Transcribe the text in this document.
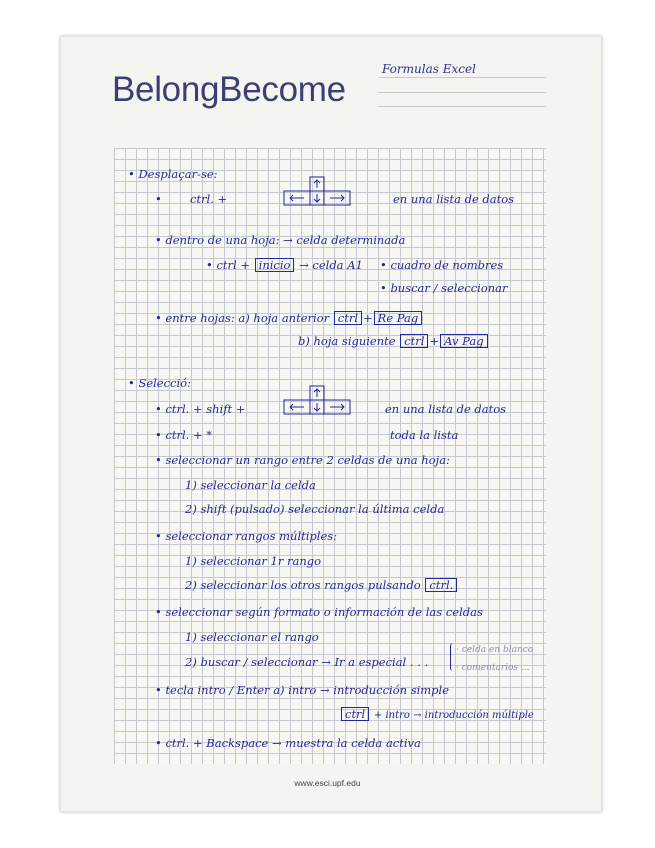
BelongBecome
Formulas Excel
• Desplaçar-se:
• ctrl. +	en una lista de datos
• dentro de una hoja: → celda determinada
• ctrl + inicio → celda A1 • cuadro de nombres
• buscar / seleccionar
• entre hojas: a) hoja anterior ctrl + Re Pag
b) hoja siguiente ctrl + Av Pag
• Selecció:
• ctrl. + shift +	en una lista de datos
• ctrl. + *	toda la lista
• seleccionar un rango entre 2 celdas de una hoja:
1) seleccionar la celda
2) shift (pulsado) seleccionar la última celda
• seleccionar rangos múltiples:
1) seleccionar 1r rango
2) seleccionar los otros rangos pulsando ctrl.
• seleccionar según formato o información de las celdas
1) seleccionar el rango
2) buscar / seleccionar → Ir a especial . . .
· celda en blanco
· comentarios ...
• tecla intro / Enter a) intro → introducción simple
ctrl + intro → introducción múltiple
• ctrl. + Backspace → muestra la celda activa
www.esci.upf.edu
